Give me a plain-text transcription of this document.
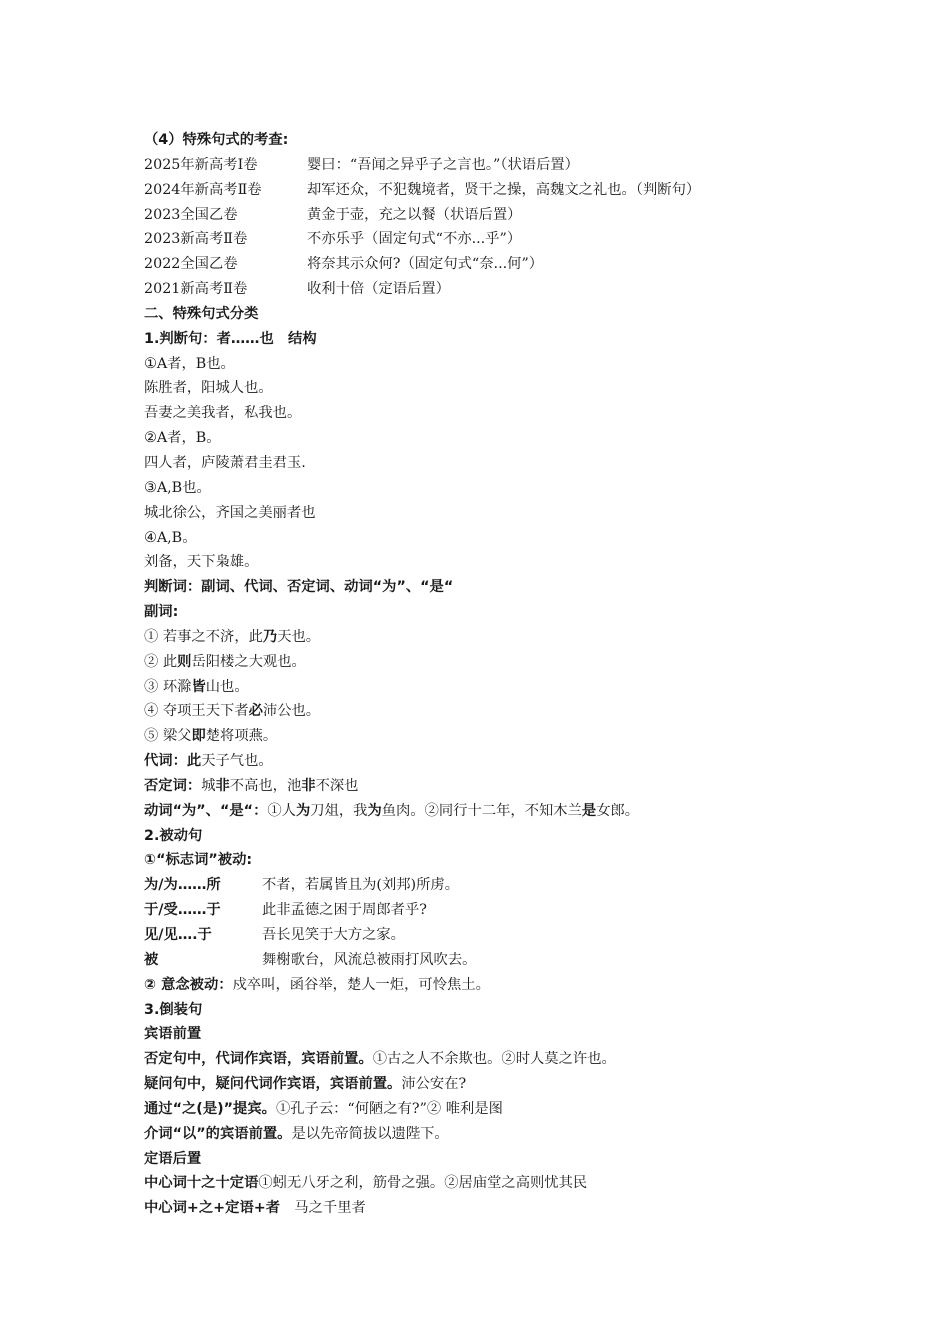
（4）特殊句式的考查:
2025年新高考Ⅰ卷	婴曰：“吾闻之异乎子之言也。”（状语后置）
2024年新高考Ⅱ卷	却军还众，不犯魏境者，贤干之操，高魏文之礼也。（判断句）
2023全国乙卷	黄金于壶，充之以餐（状语后置）
2023新高考Ⅱ卷	不亦乐乎（固定句式“不亦...乎”）
2022全国乙卷	将奈其示众何?（固定句式“奈...何”）
2021新高考Ⅱ卷	收利十倍（定语后置）
二、特殊句式分类
1.判断句：者……也　结构
①A者，B也。
陈胜者，阳城人也。
吾妻之美我者，私我也。
②A者，B。
四人者，庐陵萧君圭君玉.
③A,B也。
城北徐公，齐国之美丽者也
④A,B。
刘备，天下枭雄。
判断词：副词、代词、否定词、动词“为”、“是“
副词:
① 若事之不济，此乃天也。
② 此则岳阳楼之大观也。
③ 环滁皆山也。
④ 夺项王天下者必沛公也。
⑤ 梁父即楚将项燕。
代词：此天子气也。
否定词：城非不高也，池非不深也
动词“为”、“是“：①人为刀俎，我为鱼肉。②同行十二年，不知木兰是女郎。
2.被动句
①“标志词”被动:
为/为……所	不者，若属皆且为(刘邦)所虏。
于/受……于	此非孟德之困于周郎者乎?
见/见….于	吾长见笑于大方之家。
被	舞榭歌台，风流总被雨打风吹去。
② 意念被动：戍卒叫，函谷举，楚人一炬，可怜焦土。
3.倒装句
宾语前置
否定句中，代词作宾语，宾语前置。①古之人不余欺也。②时人莫之许也。
疑问句中，疑问代词作宾语，宾语前置。沛公安在?
通过“之(是)”提宾。①孔子云：“何陋之有?”② 唯利是图
介词“以”的宾语前置。是以先帝简拔以遗陛下。
定语后置
中心词十之十定语①蚓无八牙之利，筋骨之强。②居庙堂之高则忧其民
中心词+之+定语+者　马之千里者
